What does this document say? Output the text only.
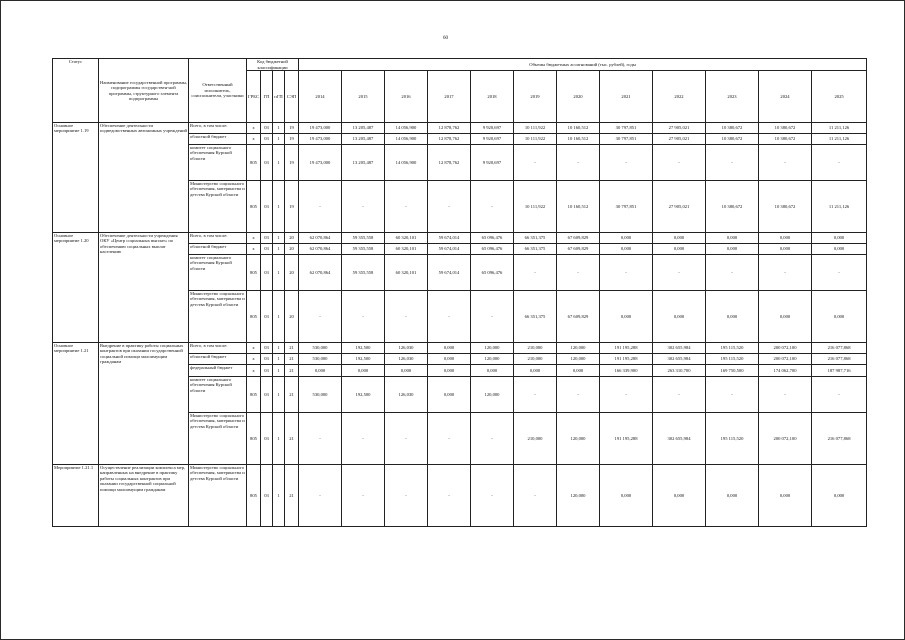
60
Статус	Наименование государственной программы, подпрограммы государствен-ной программы, структурного элемента подпрограммы	Ответственный исполнитель, соисполнители, участники	Код бюджетной классификации				Объемы бюджетных ассигнований (тыс. рублей), годы											
			ГРБС	ГП	пГП	СЭП	2014	2015	2016	2017	2018	2019	2020	2021	2022	2023	2024	2025
Основное мероприятие 1.19	Обеспечение деятельности подведомственных автономных учреждений	Всего, в том числе:	х	03	1	19	19 473,000	13 205,487	14 056,900	12 878,762	9 920,697	10 111,922	10 160,512	30 797,851	27 905,021	10 380,672	10 380,672	11 211,126
		областной бюджет	х	03	1	19	19 473,000	13 205,487	14 056,900	12 878,762	9 920,697	10 111,922	10 160,512	30 797,851	27 905,021	10 380,672	10 380,672	11 211,126
		комитет социального обеспечения Курской области	805	03	1	19	19 473,000	13 205,487	14 056,900	12 878,762	9 920,697	-	-	-	-	-	-	-
		Министерство социального обеспечения, материнства и детства Курской области	805	03	1	19	-	-	-	-	-	10 111,922	10 160,512	30 797,851	27 905,021	10 380,672	10 380,672	11 211,126
Основное мероприятие 1.20	Обеспечение деятельности учреждения ОКУ «Центр социальных выплат» по обеспечению социальных выплат населению	Всего, в том числе:	х	03	1	20	62 070,864	59 355,558	60 320,101	59 674,014	65 096,476	66 351,375	67 609,829	0,000	0,000	0,000	0,000	0,000
		областной бюджет	х	03	1	20	62 070,864	59 355,558	60 320,101	59 674,014	65 096,476	66 351,375	67 609,829	0,000	0,000	0,000	0,000	0,000
		комитет социального обеспечения Курской области	805	03	1	20	62 070,864	59 355,558	60 320,101	59 674,014	65 096,476	-	-	-	-	-	-	-
		Министерство социального обеспечения, материнства и детства Курской области	805	03	1	20	-	-	-	-	-	66 351,375	67 609,829	0,000	0,000	0,000	0,000	0,000
Основное мероприятие 1.21	Внедрение в практику работы социальных контрактов при оказании государственной социальной помощи малоимущим гражданам	Всего, в том числе:	х	03	1	21	530,000	192,500	126,030	0,000	120,000	210,000	120,000	191 195,288	302 655,984	195 115,520	200 072,100	216 077,868
		областной бюджет	х	03	1	21	530,000	192,500	126,030	0,000	120,000	210,000	120,000	191 195,288	302 655,984	195 115,520	200 072,100	216 077,868
		федеральный бюджет	х	03	1	21	0,000	0,000	0,000	0,000	0,000	0,000	0,000	166 339,900	263 310,700	169 750,500	174 062,700	187 987,716
		комитет социального обеспечения Курской области	805	03	1	21	530,000	192,500	126,030	0,000	120,000	-	-	-	-	-	-	-
		Министерство социального обеспечения, материнства и детства Курской области	805	03	1	21	-	-	-	-	-	210,000	120,000	191 195,288	302 655,984	195 115,520	200 072,100	216 077,868
Мероприятие 1.21.1	Осуществление реализации комплекса мер, направленных на внедрение в практику работы социальных контрактов при оказании государственной социальной помощи малоимущим гражданам	Министерство социального обеспечения, материнства и детства Курской области	805	03	1	21	-	-	-	-	-	-	120,000	0,000	0,000	0,000	0,000	0,000
